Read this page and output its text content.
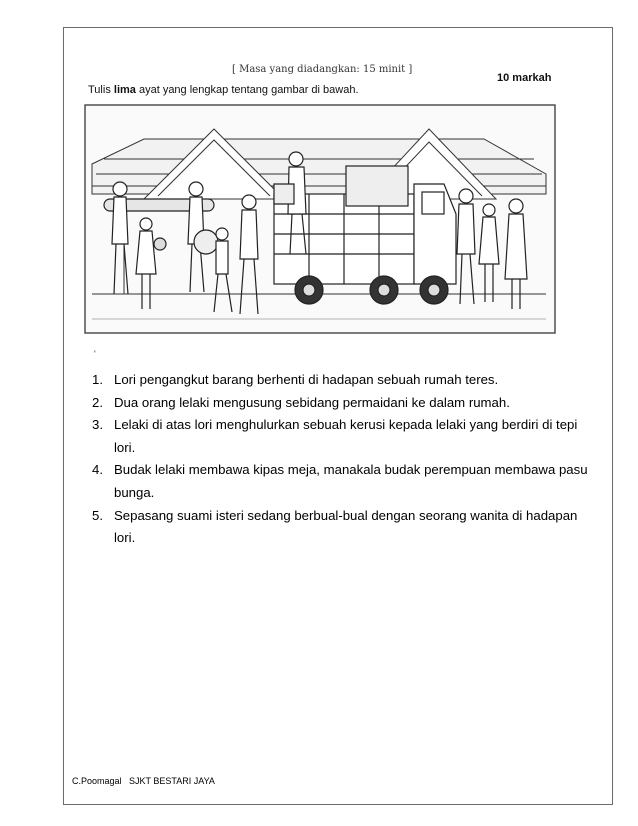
[ Masa yang diadangkan: 15 minit ]
10 markah
Tulis lima ayat yang lengkap tentang gambar di bawah.
'
1. Lori pengangkut barang berhenti di hadapan sebuah rumah teres.
2. Dua orang lelaki mengusung sebidang permaidani ke dalam rumah.
3. Lelaki di atas lori menghulurkan sebuah kerusi kepada lelaki yang berdiri di tepi lori.
4. Budak lelaki membawa kipas meja, manakala budak perempuan membawa pasu bunga.
5. Sepasang suami isteri sedang berbual-bual dengan seorang wanita di hadapan lori.
C.Poomagal SJKT BESTARI JAYA
